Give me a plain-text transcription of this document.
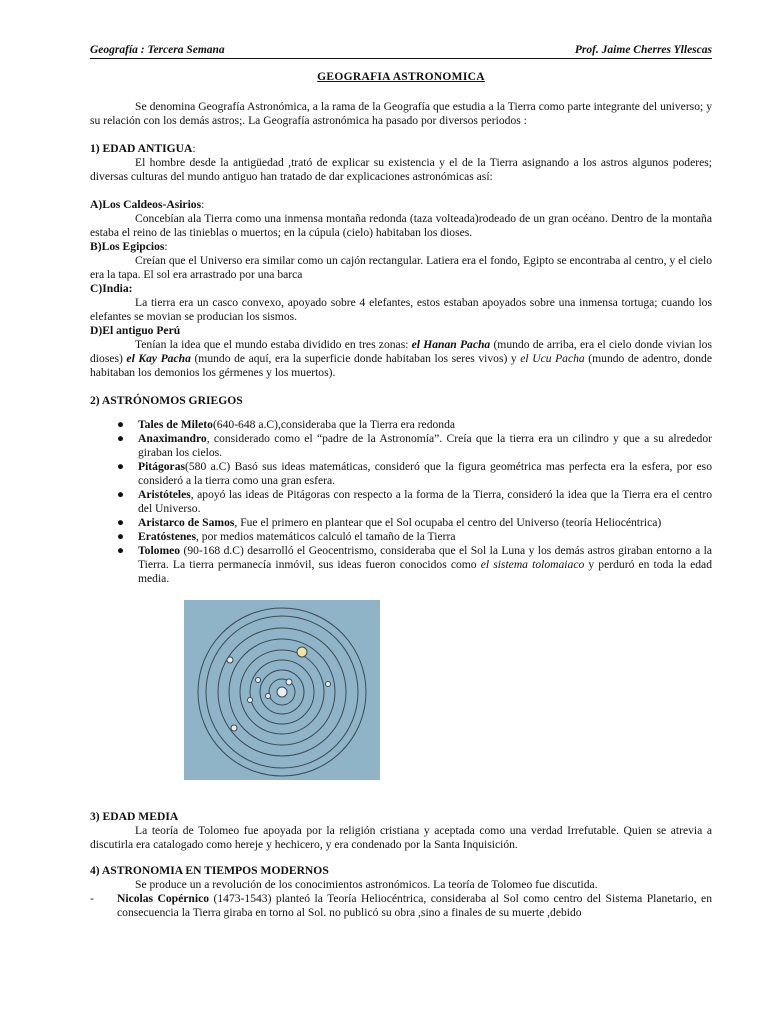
Geografía : Tercera Semana	Prof. Jaime Cherres Yllescas
GEOGRAFIA ASTRONOMICA

Se denomina Geografía Astronómica, a la rama de la Geografía que estudia a la Tierra como parte integrante del universo; y su relación con los demás astros;. La Geografía astronómica ha pasado por diversos periodos :

1) EDAD ANTIGUA:

El hombre desde la antigüedad ,trató de explicar su existencia y el de la Tierra asignando a los astros algunos poderes; diversas culturas del mundo antiguo han tratado de dar explicaciones astronómicas así:

A)Los Caldeos-Asirios:

Concebían ala Tierra como una inmensa montaña redonda (taza volteada)rodeado de un gran océano. Dentro de la montaña estaba el reino de las tinieblas o muertos; en la cúpula (cielo) habitaban los dioses.

B)Los Egipcios:

Creían que el Universo era similar como un cajón rectangular. Latiera era el fondo, Egipto se encontraba al centro, y el cielo era la tapa. El sol era arrastrado por una barca

C)India:

La tierra era un casco convexo, apoyado sobre 4 elefantes, estos estaban apoyados sobre una inmensa tortuga; cuando los elefantes se movian se producian los sismos.

D)El antiguo Perú

Tenían la idea que el mundo estaba dividido en tres zonas: el Hanan Pacha (mundo de arriba, era el cielo donde vivian los dioses) el Kay Pacha (mundo de aquí, era la superficie donde habitaban los seres vivos) y el Ucu Pacha (mundo de adentro, donde habitaban los demonios los gérmenes y los muertos).

2) ASTRÓNOMOS GRIEGOS
● Tales de Mileto(640-648 a.C),consideraba que la Tierra era redonda
● Anaximandro, considerado como el “padre de la Astronomía”. Creía que la tierra era un cilindro y que a su alrededor giraban los cielos.
● Pitágoras(580 a.C) Basó sus ideas matemáticas, consideró que la figura geométrica mas perfecta era la esfera, por eso consideró a la tierra como una gran esfera.
● Aristóteles, apoyó las ideas de Pitágoras con respecto a la forma de la Tierra, consideró la idea que la Tierra era el centro del Universo.
● Aristarco de Samos, Fue el primero en plantear que el Sol ocupaba el centro del Universo (teoría Heliocéntrica)
● Eratóstenes, por medios matemáticos calculó el tamaño de la Tierra
● Tolomeo (90-168 d.C) desarrolló el Geocentrismo, consideraba que el Sol la Luna y los demás astros giraban entorno a la Tierra. La tierra permanecía inmóvil, sus ideas fueron conocidos como el sistema tolomaiaco y perduró en toda la edad media.
3) EDAD MEDIA

La teoría de Tolomeo fue apoyada por la religión cristiana y aceptada como una verdad Irrefutable. Quien se atrevia a discutirla era catalogado como hereje y hechicero, y era condenado por la Santa Inquisición.

4) ASTRONOMIA EN TIEMPOS MODERNOS

Se produce un a revolución de los conocimientos astronómicos. La teoría de Tolomeo fue discutida.

- Nicolas Copérnico (1473-1543) planteó la Teoría Heliocéntrica, consideraba al Sol como centro del Sistema Planetario, en consecuencia la Tierra giraba en torno al Sol. no publicó su obra ,sino a finales de su muerte ,debido
